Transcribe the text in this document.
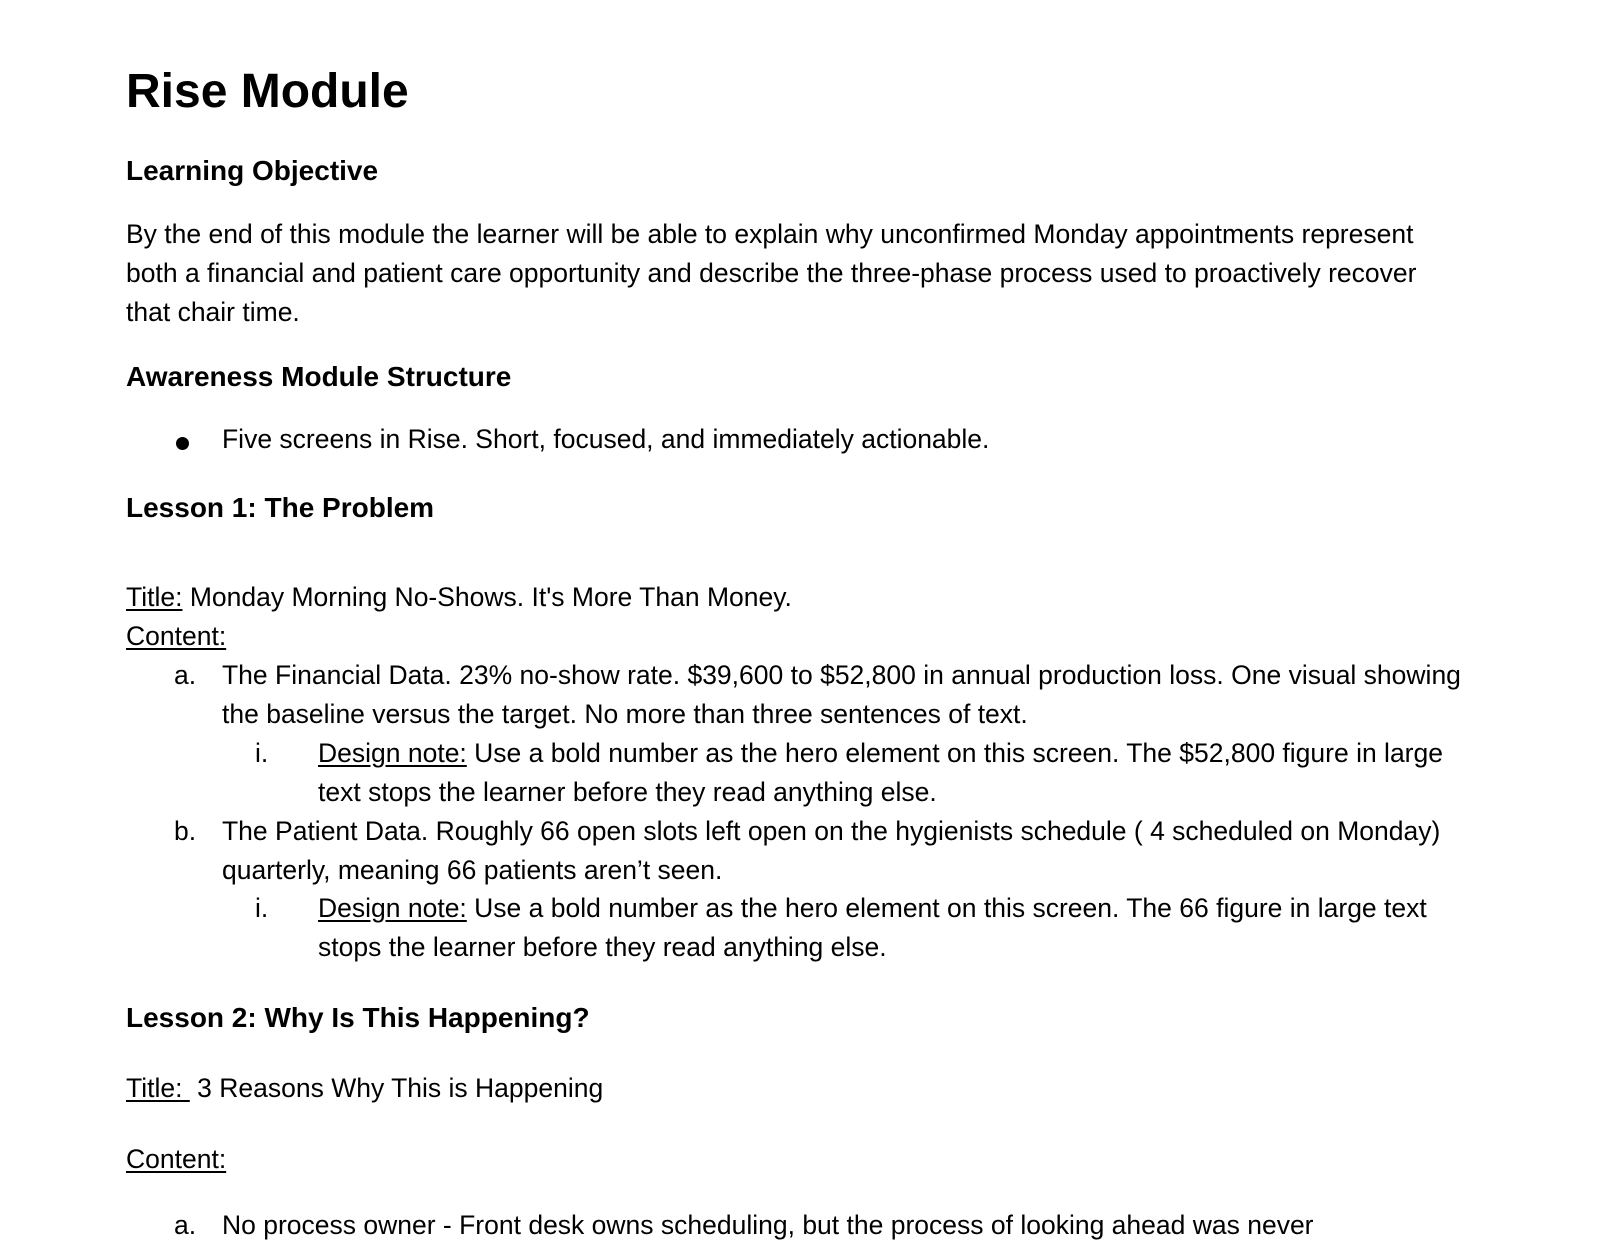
Rise Module
Learning Objective

By the end of this module the learner will be able to explain why unconfirmed Monday appointments represent both a financial and patient care opportunity and describe the three-phase process used to proactively recover that chair time.

Awareness Module Structure
Five screens in Rise. Short, focused, and immediately actionable.
Lesson 1: The Problem

Title: Monday Morning No-Shows. It's More Than Money.

Content:

a. The Financial Data. 23% no-show rate. $39,600 to $52,800 in annual production loss. One visual showing the baseline versus the target. No more than three sentences of text.
i. Design note: Use a bold number as the hero element on this screen. The $52,800 figure in large text stops the learner before they read anything else.
b. The Patient Data. Roughly 66 open slots left open on the hygienists schedule ( 4 scheduled on Monday) quarterly, meaning 66 patients aren’t seen.
i. Design note: Use a bold number as the hero element on this screen. The 66 figure in large text stops the learner before they read anything else.
Lesson 2: Why Is This Happening?

Title:  3 Reasons Why This is Happening

Content:

a. No process owner - Front desk owns scheduling, but the process of looking ahead was never
